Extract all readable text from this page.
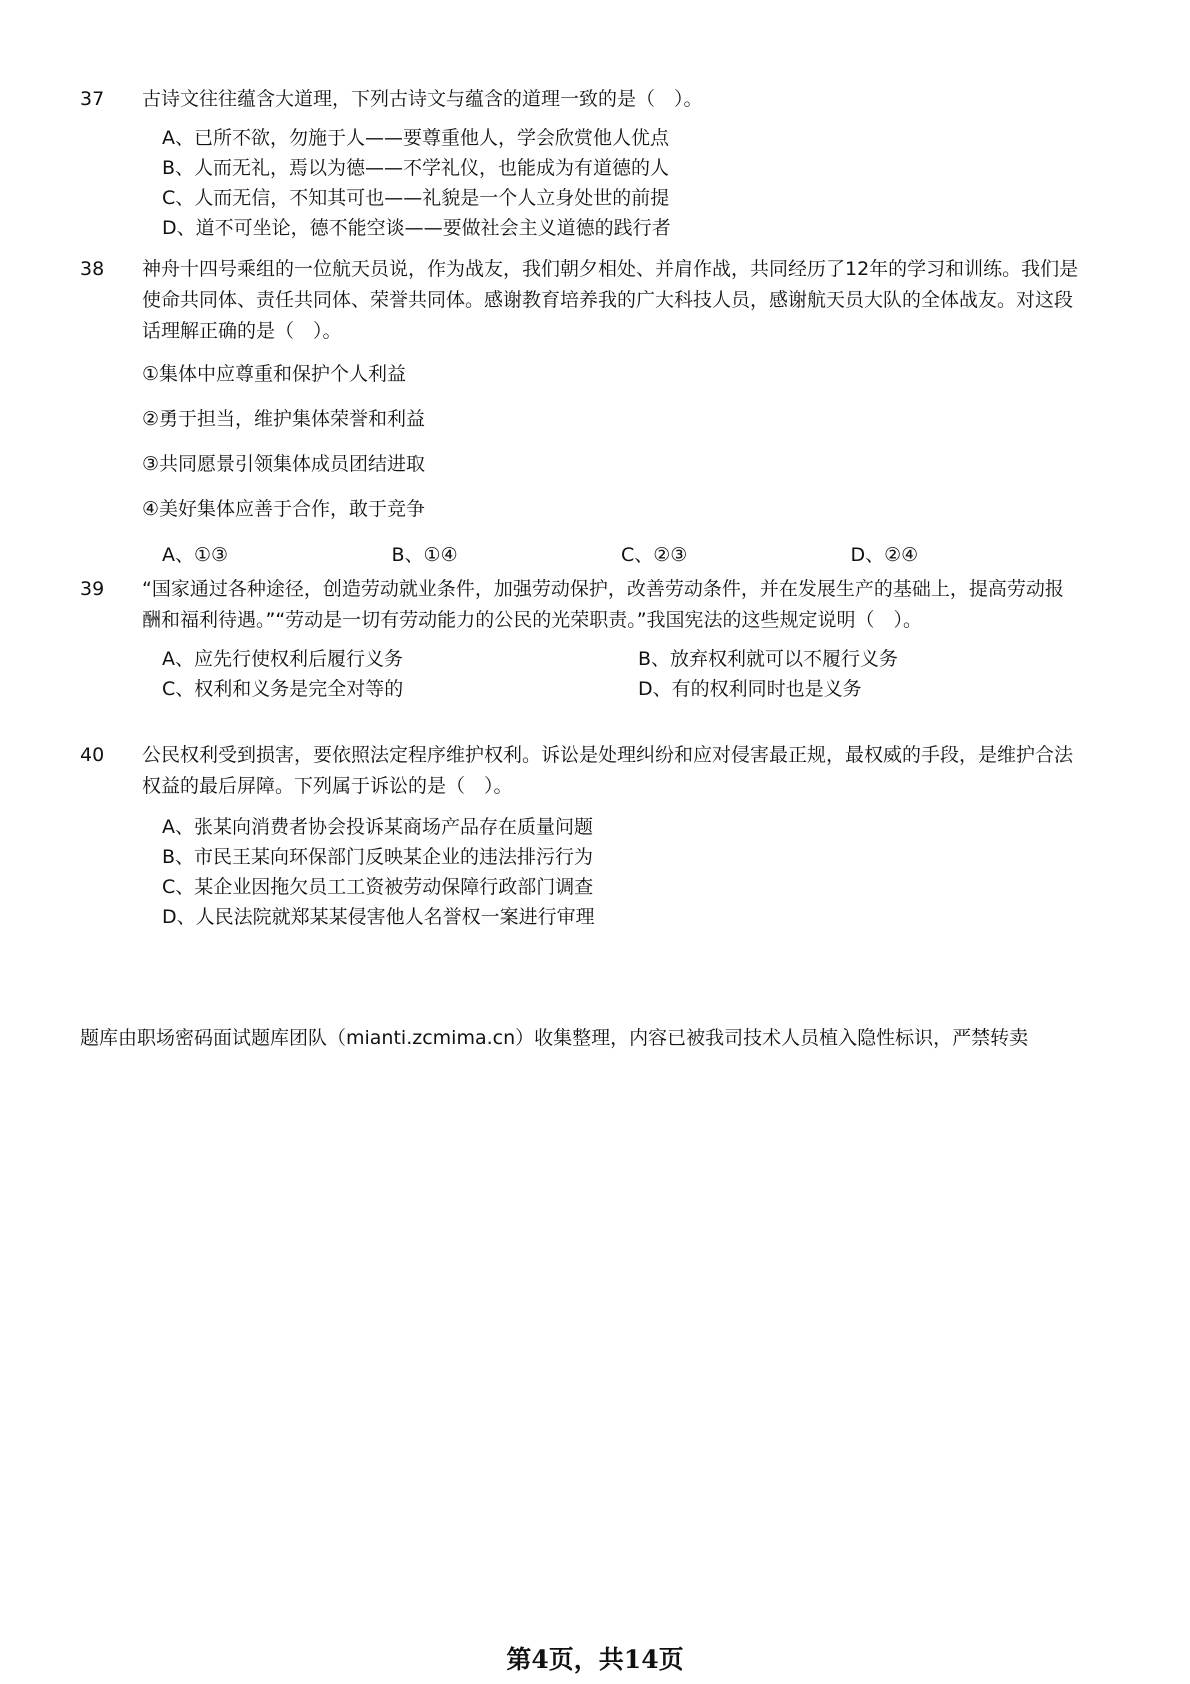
37 古诗文往往蕴含大道理，下列古诗文与蕴含的道理一致的是（　）。
A、已所不欲，勿施于人——要尊重他人，学会欣赏他人优点
B、人而无礼，焉以为德——不学礼仪，也能成为有道德的人
C、人而无信，不知其可也——礼貌是一个人立身处世的前提
D、道不可坐论，德不能空谈——要做社会主义道德的践行者
38 神舟十四号乘组的一位航天员说，作为战友，我们朝夕相处、并肩作战，共同经历了12年的学习和训练。我们是使命共同体、责任共同体、荣誉共同体。感谢教育培养我的广大科技人员，感谢航天员大队的全体战友。对这段话理解正确的是（　）。
①集体中应尊重和保护个人利益
②勇于担当，维护集体荣誉和利益
③共同愿景引领集体成员团结进取
④美好集体应善于合作，敢于竞争
A、①③	B、①④	C、②③	D、②④
39 “国家通过各种途径，创造劳动就业条件，加强劳动保护，改善劳动条件，并在发展生产的基础上，提高劳动报酬和福利待遇。”“劳动是一切有劳动能力的公民的光荣职责。”我国宪法的这些规定说明（　）。
A、应先行使权利后履行义务	B、放弃权利就可以不履行义务
C、权利和义务是完全对等的	D、有的权利同时也是义务
40 公民权利受到损害，要依照法定程序维护权利。诉讼是处理纠纷和应对侵害最正规，最权威的手段，是维护合法权益的最后屏障。下列属于诉讼的是（　）。
A、张某向消费者协会投诉某商场产品存在质量问题
B、市民王某向环保部门反映某企业的违法排污行为
C、某企业因拖欠员工工资被劳动保障行政部门调查
D、人民法院就郑某某侵害他人名誉权一案进行审理
题库由职场密码面试题库团队（mianti.zcmima.cn）收集整理，内容已被我司技术人员植入隐性标识，严禁转卖
第4页，共14页
